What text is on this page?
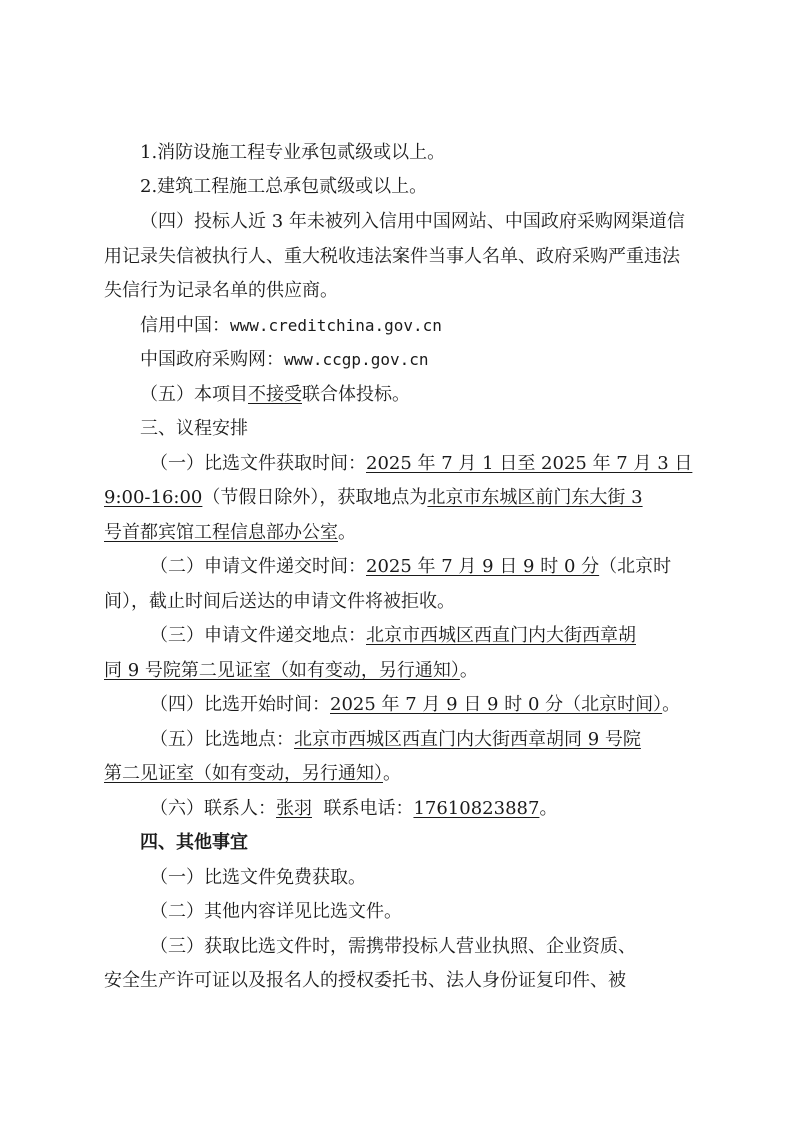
1.消防设施工程专业承包贰级或以上。
2.建筑工程施工总承包贰级或以上。
（四）投标人近 3 年未被列入信用中国网站、中国政府采购网渠道信
用记录失信被执行人、重大税收违法案件当事人名单、政府采购严重违法
失信行为记录名单的供应商。
信用中国：www.creditchina.gov.cn
中国政府采购网：www.ccgp.gov.cn
（五）本项目不接受联合体投标。
三、议程安排
（一）比选文件获取时间：2025 年 7 月 1 日至 2025 年 7 月 3 日
9:00-16:00（节假日除外），获取地点为北京市东城区前门东大街 3
号首都宾馆工程信息部办公室。
（二）申请文件递交时间：2025 年 7 月 9 日 9 时 0 分（北京时
间），截止时间后送达的申请文件将被拒收。
（三）申请文件递交地点：北京市西城区西直门内大街西章胡
同 9 号院第二见证室（如有变动，另行通知）。
（四）比选开始时间：2025 年 7 月 9 日 9 时 0 分（北京时间）。
（五）比选地点：北京市西城区西直门内大街西章胡同 9 号院
第二见证室（如有变动，另行通知）。
（六）联系人：张羽  联系电话：17610823887。
四、其他事宜
（一）比选文件免费获取。
（二）其他内容详见比选文件。
（三）获取比选文件时，需携带投标人营业执照、企业资质、
安全生产许可证以及报名人的授权委托书、法人身份证复印件、被
